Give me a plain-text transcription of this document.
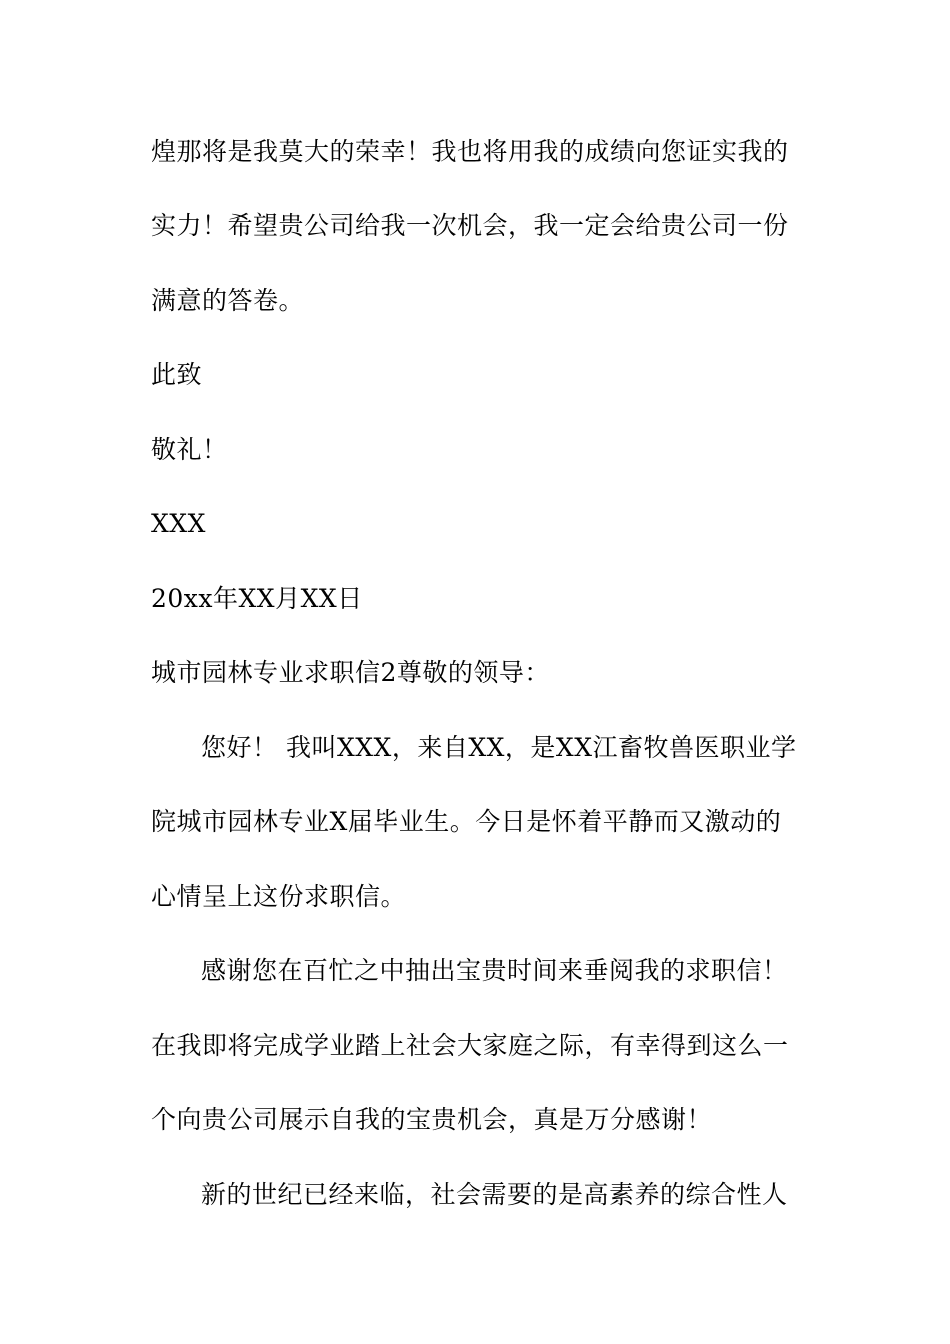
煌那将是我莫大的荣幸！我也将用我的成绩向您证实我的
实力！希望贵公司给我一次机会，我一定会给贵公司一份
满意的答卷。
此致
敬礼！
XXX
20xx年XX月XX日
城市园林专业求职信2尊敬的领导：
您好！ 我叫XXX，来自XX，是XX江畜牧兽医职业学
院城市园林专业X届毕业生。今日是怀着平静而又激动的
心情呈上这份求职信。
感谢您在百忙之中抽出宝贵时间来垂阅我的求职信！
在我即将完成学业踏上社会大家庭之际，有幸得到这么一
个向贵公司展示自我的宝贵机会，真是万分感谢！
新的世纪已经来临，社会需要的是高素养的综合性人
